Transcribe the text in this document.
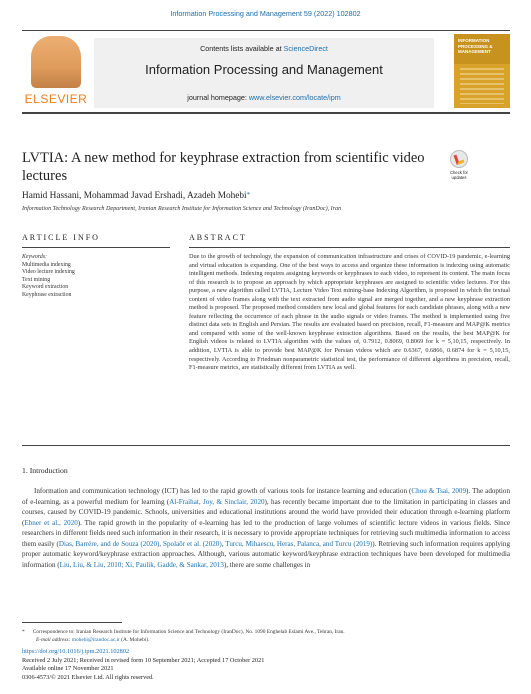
Information Processing and Management 59 (2022) 102802
ELSEVIER
Contents lists available at ScienceDirect
Information Processing and Management
journal homepage: www.elsevier.com/locate/ipm
INFORMATION PROCESSING & MANAGEMENT
LVTIA: A new method for keyphrase extraction from scientific video lectures	Check for updates
Hamid Hassani, Mohammad Javad Ershadi, Azadeh Mohebi*
Information Technology Research Department, Iranian Research Institute for Information Science and Technology (IranDoc), Iran
ARTICLE INFO	ABSTRACT
Keywords:
Multimedia indexing
Video lecture indexing
Text mining
Keyword extraction
Keyphrase extraction
Due to the growth of technology, the expansion of communication infrastructure and crises of COVID-19 pandemic, e-learning and virtual education is expanding. One of the best ways to access and organize these information is indexing using automatic intelligent methods. Indexing requires assigning keywords or keyphrases to each video, to represent its content. The main focus of this research is to propose an approach by which appropriate keyphrases are assigned to scientific video lectures. For this purpose, a new algorithm called LVTIA, Lecture Video Text mining-base Indexing Algorithm, is proposed in which the textual content of video frames along with the text extracted from audio signal are merged together, and a new keyphrase extraction method is proposed. The proposed method considers new local and global features for each candidate phrases, along with a new feature reflecting the occurrence of each phrase in the audio signals or video frames. The method is implemented using five distinct data sets in English and Persian. The results are evaluated based on precision, recall, F1-measure and MAP@K metrics and compared with some of the well-known keyphrase extraction algorithms. Based on the results, the best MAP@K for English videos is related to LVTIA algorithm with the values of, 0.7912, 0.8069, 0.8069 for k = 5,10,15, respectively. In addition, LVTIA is able to provide best MAP@K for Persian videos which are 0.6367, 0.6866, 0.6874 for k = 5,10,15, respectively. According to Friedman nonparametric statistical test, the performance of different algorithms in precision, recall, F1-measure metrics, are statistically different from LVTIA as well.
1. Introduction
Information and communication technology (ICT) has led to the rapid growth of various tools for instance learning and education (Chou & Tsai, 2009). The adoption of e-learning, as a powerful medium for learning (Al-Fraihat, Joy, & Sinclair, 2020), has recently became important due to the limitation in participating in classes and courses, caused by COVID-19 pandemic. Schools, universities and educational institutions around the world have provided their education through e-learning platform (Ebner et al., 2020). The rapid growth in the popularity of e-learning has led to the production of large volumes of scientific lecture videos in various fields. Since researchers in different fields need such information in their research, it is necessary to provide appropriate techniques for retrieving such multimedia information to access them easily (Dias, Barrére, and de Souza (2020), Spolaôr et al. (2020), Turcu, Mihaescu, Heras, Palanca, and Turcu (2019)). Retrieving such information requires applying proper automatic keyword/keyphrase extraction approaches. Although, various automatic keyword/keyphrase extraction techniques have been developed for multimedia information (Liu, Liu, & Liu, 2010; Xi, Paulik, Gadde, & Sankar, 2013), there are some challenges in
* Correspondence to: Iranian Research Institute for Information Science and Technology (IranDoc), No. 1090 Enghelab Eslami Ave., Tehran, Iran.
E-mail address: mohebi@irandoc.ac.ir (A. Mohebi).
https://doi.org/10.1016/j.ipm.2021.102802
Received 2 July 2021; Received in revised form 10 September 2021; Accepted 17 October 2021
Available online 17 November 2021
0306-4573/© 2021 Elsevier Ltd. All rights reserved.
